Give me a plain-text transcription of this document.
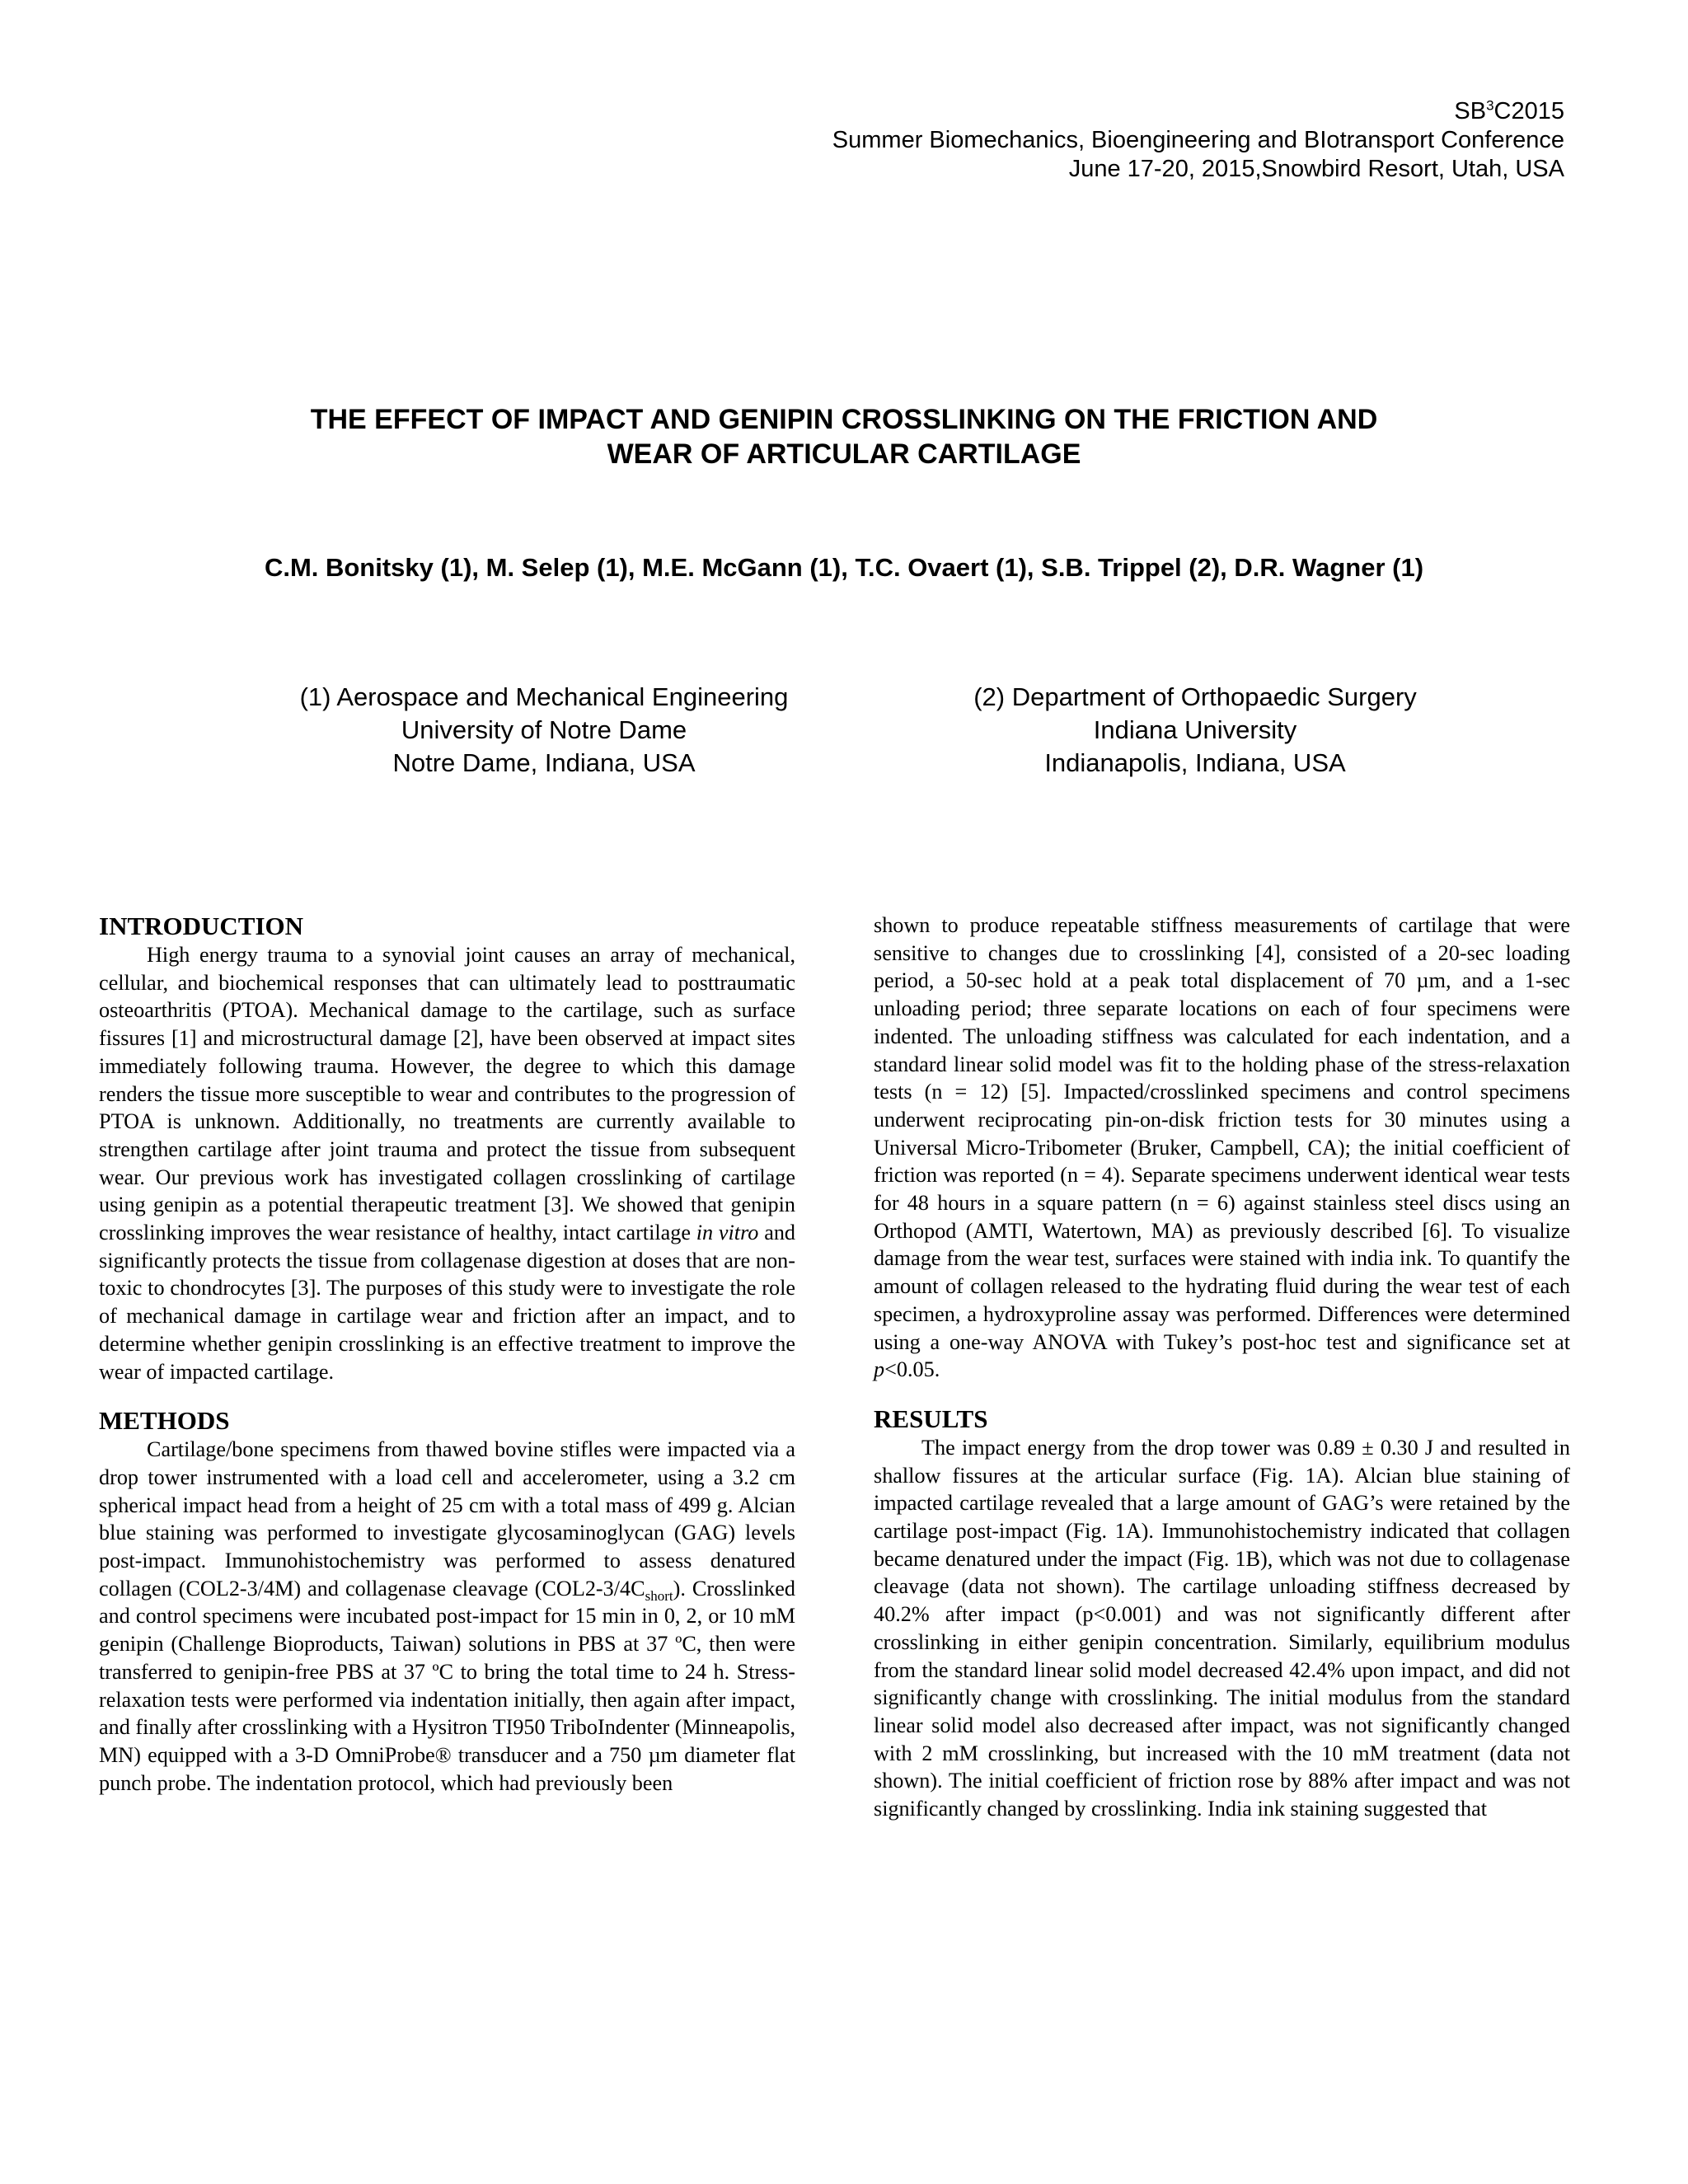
$SB^3C2015$
Summer Biomechanics, Bioengineering and BIotransport Conference
June 17-20, 2015,Snowbird Resort, Utah, USA
THE EFFECT OF IMPACT AND GENIPIN CROSSLINKING ON THE FRICTION AND
WEAR OF ARTICULAR CARTILAGE
C.M. Bonitsky (1), M. Selep (1), M.E. McGann (1), T.C. Ovaert (1), S.B. Trippel (2), D.R. Wagner (1)
(1) Aerospace and Mechanical Engineering
University of Notre Dame
Notre Dame, Indiana, USA
(2) Department of Orthopaedic Surgery
Indiana University
Indianapolis, Indiana, USA
INTRODUCTION

High energy trauma to a synovial joint causes an array of mechanical, cellular, and biochemical responses that can ultimately lead to posttraumatic osteoarthritis (PTOA). Mechanical damage to the cartilage, such as surface fissures [1] and microstructural damage [2], have been observed at impact sites immediately following trauma. However, the degree to which this damage renders the tissue more susceptible to wear and contributes to the progression of PTOA is unknown. Additionally, no treatments are currently available to strengthen cartilage after joint trauma and protect the tissue from subsequent wear. Our previous work has investigated collagen crosslinking of cartilage using genipin as a potential therapeutic treatment [3]. We showed that genipin crosslinking improves the wear resistance of healthy, intact cartilage in vitro and significantly protects the tissue from collagenase digestion at doses that are non-toxic to chondrocytes [3]. The purposes of this study were to investigate the role of mechanical damage in cartilage wear and friction after an impact, and to determine whether genipin crosslinking is an effective treatment to improve the wear of impacted cartilage.

METHODS

Cartilage/bone specimens from thawed bovine stifles were impacted via a drop tower instrumented with a load cell and accelerometer, using a 3.2 cm spherical impact head from a height of 25 cm with a total mass of 499 g. Alcian blue staining was performed to investigate glycosaminoglycan (GAG) levels post-impact. Immunohistochemistry was performed to assess denatured collagen (COL2-3/4M) and collagenase cleavage $(COL2-3/4C_{short})$. Crosslinked and control specimens were incubated post-impact for 15 min in 0, 2, or 10 mM genipin (Challenge Bioproducts, Taiwan) solutions in PBS at 37 ºC, then were transferred to genipin-free PBS at 37 ºC to bring the total time to 24 h. Stress-relaxation tests were performed via indentation initially, then again after impact, and finally after crosslinking with a Hysitron TI950 TriboIndenter (Minneapolis, MN) equipped with a 3-D OmniProbe® transducer and a 750 µm diameter flat punch probe. The indentation protocol, which had previously been

shown to produce repeatable stiffness measurements of cartilage that were sensitive to changes due to crosslinking [4], consisted of a 20-sec loading period, a 50-sec hold at a peak total displacement of 70 µm, and a 1-sec unloading period; three separate locations on each of four specimens were indented. The unloading stiffness was calculated for each indentation, and a standard linear solid model was fit to the holding phase of the stress-relaxation tests (n = 12) [5]. Impacted/crosslinked specimens and control specimens underwent reciprocating pin-on-disk friction tests for 30 minutes using a Universal Micro-Tribometer (Bruker, Campbell, CA); the initial coefficient of friction was reported (n = 4). Separate specimens underwent identical wear tests for 48 hours in a square pattern (n = 6) against stainless steel discs using an Orthopod (AMTI, Watertown, MA) as previously described [6]. To visualize damage from the wear test, surfaces were stained with india ink. To quantify the amount of collagen released to the hydrating fluid during the wear test of each specimen, a hydroxyproline assay was performed. Differences were determined using a one-way ANOVA with Tukey’s post-hoc test and significance set at p<0.05.

RESULTS

The impact energy from the drop tower was 0.89 ± 0.30 J and resulted in shallow fissures at the articular surface (Fig. 1A). Alcian blue staining of impacted cartilage revealed that a large amount of GAG’s were retained by the cartilage post-impact (Fig. 1A). Immunohistochemistry indicated that collagen became denatured under the impact (Fig. 1B), which was not due to collagenase cleavage (data not shown). The cartilage unloading stiffness decreased by 40.2% after impact (p<0.001) and was not significantly different after crosslinking in either genipin concentration. Similarly, equilibrium modulus from the standard linear solid model decreased 42.4% upon impact, and did not significantly change with crosslinking. The initial modulus from the standard linear solid model also decreased after impact, was not significantly changed with 2 mM crosslinking, but increased with the 10 mM treatment (data not shown). The initial coefficient of friction rose by 88% after impact and was not significantly changed by crosslinking. India ink staining suggested that
